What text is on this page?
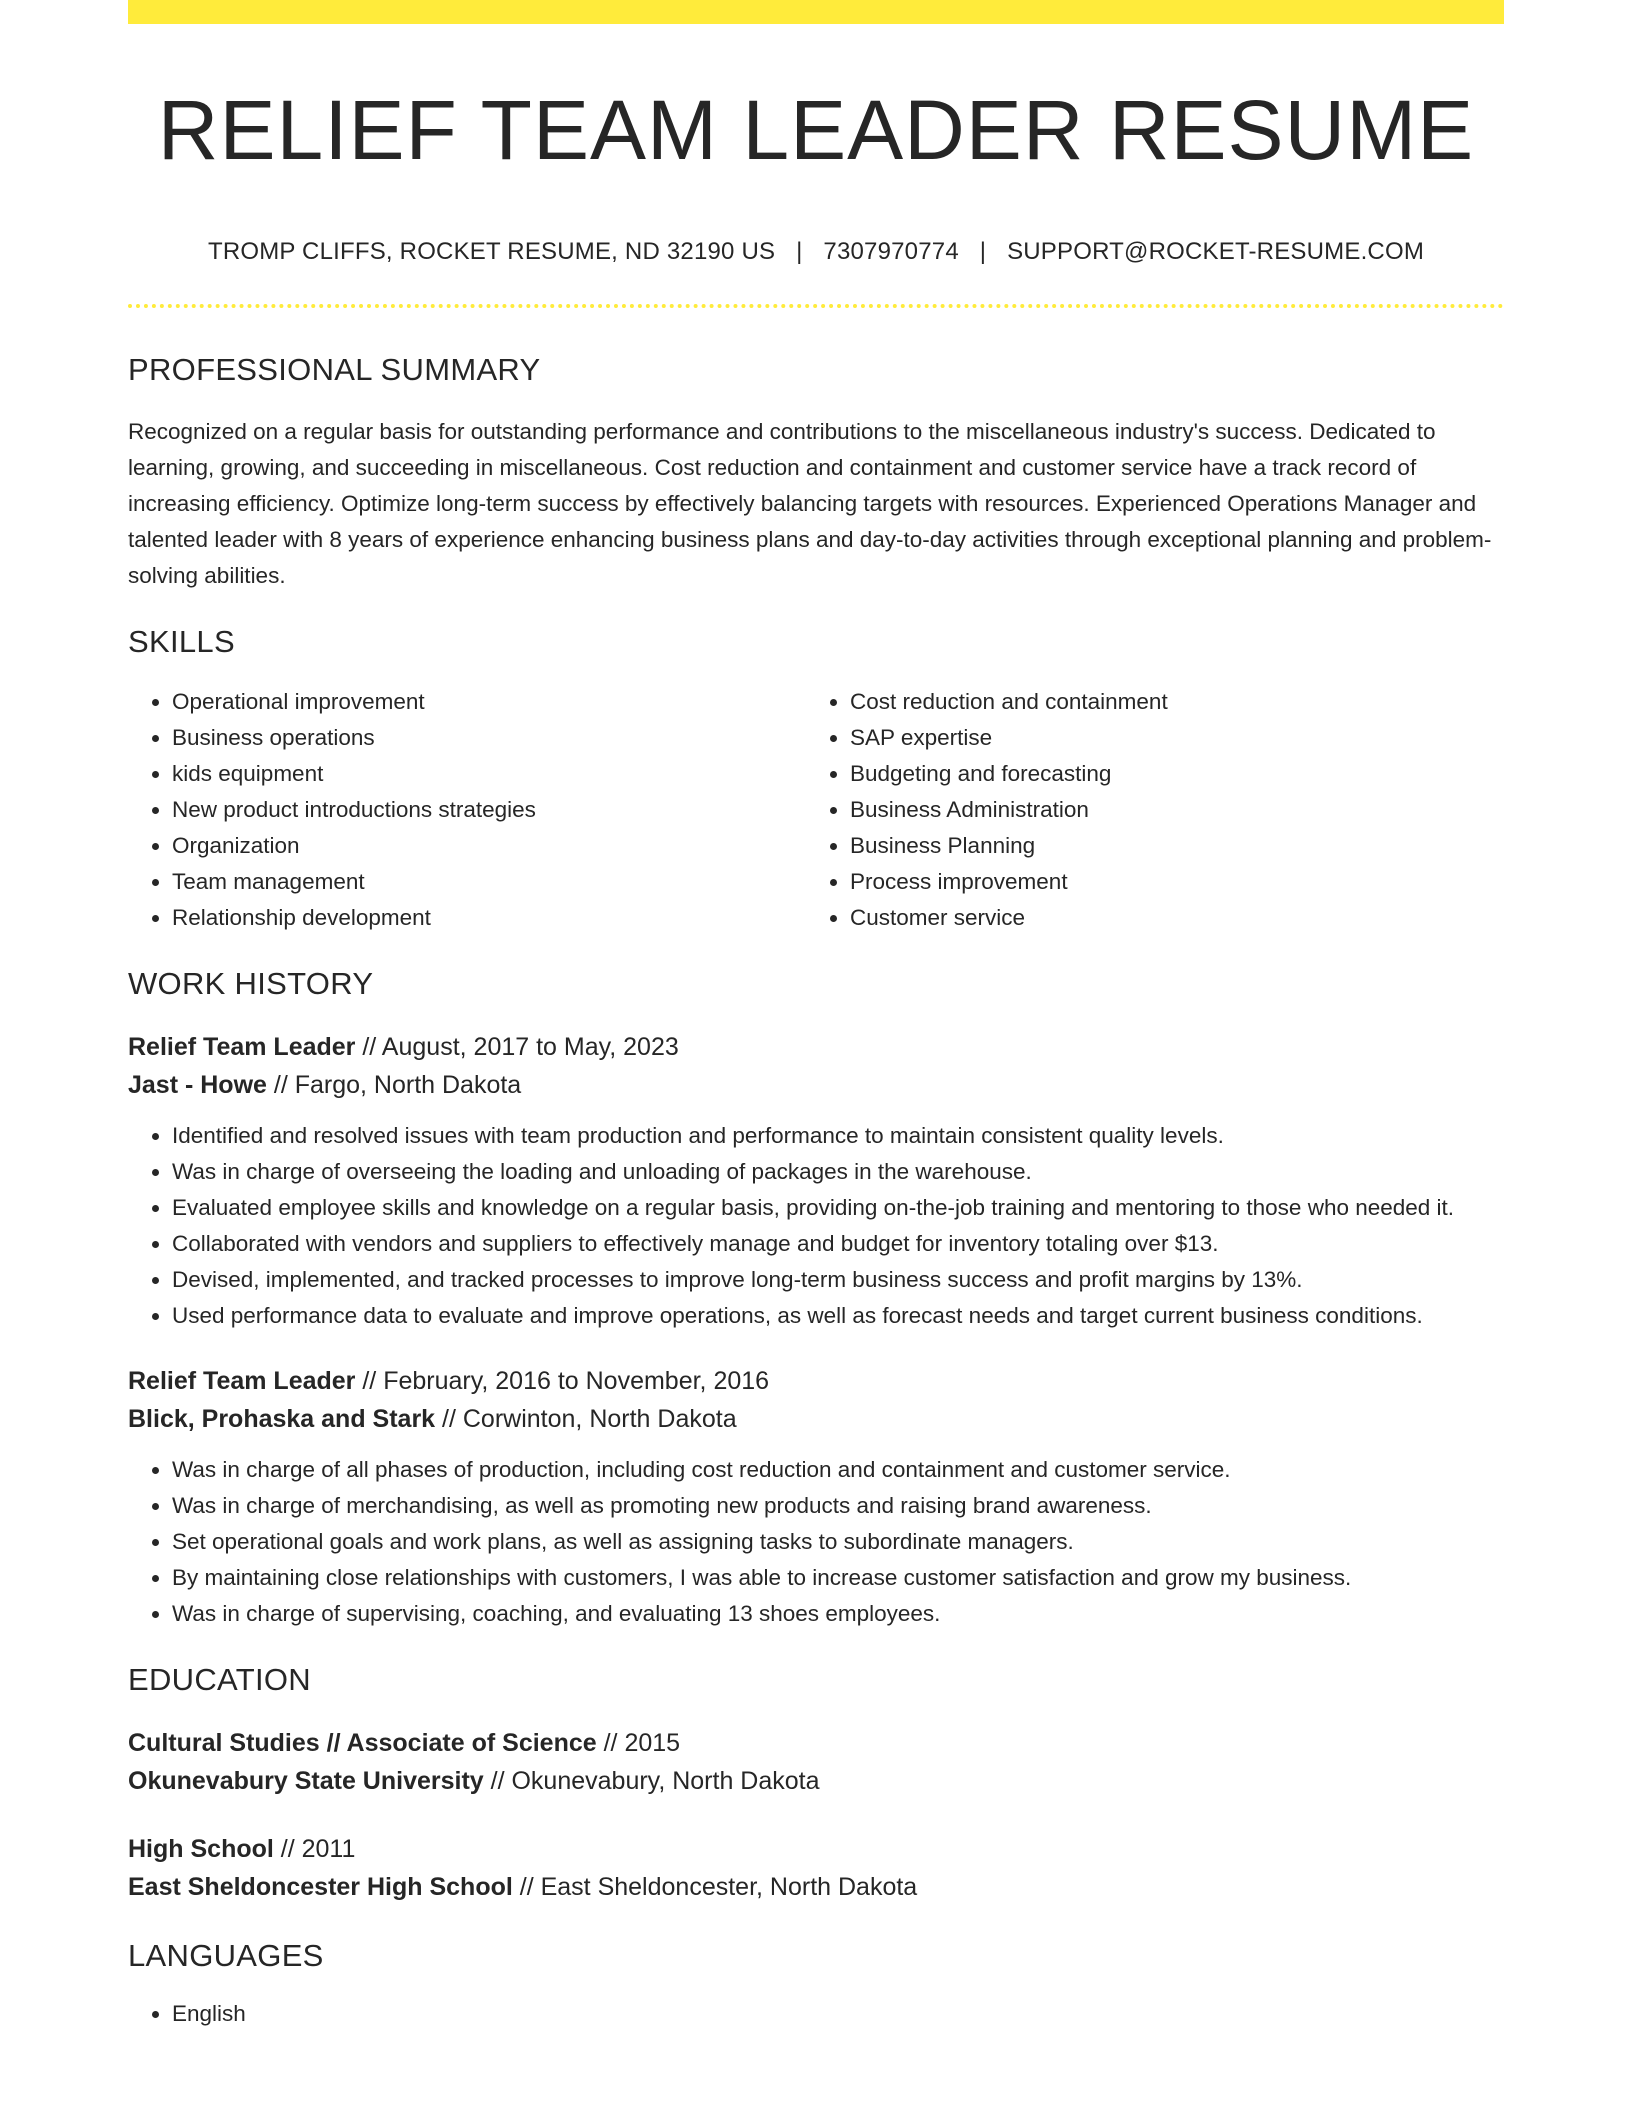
RELIEF TEAM LEADER RESUME
TROMP CLIFFS, ROCKET RESUME, ND 32190 US | 7307970774 | SUPPORT@ROCKET-RESUME.COM
PROFESSIONAL SUMMARY
Recognized on a regular basis for outstanding performance and contributions to the miscellaneous industry's success. Dedicated to learning, growing, and succeeding in miscellaneous. Cost reduction and containment and customer service have a track record of increasing efficiency. Optimize long-term success by effectively balancing targets with resources. Experienced Operations Manager and talented leader with 8 years of experience enhancing business plans and day-to-day activities through exceptional planning and problem-solving abilities.
SKILLS
• Operational improvement
• Business operations
• kids equipment
• New product introductions strategies
• Organization
• Team management
• Relationship development
• Cost reduction and containment
• SAP expertise
• Budgeting and forecasting
• Business Administration
• Business Planning
• Process improvement
• Customer service
WORK HISTORY
Relief Team Leader // August, 2017 to May, 2023
Jast - Howe // Fargo, North Dakota
• Identified and resolved issues with team production and performance to maintain consistent quality levels.
• Was in charge of overseeing the loading and unloading of packages in the warehouse.
• Evaluated employee skills and knowledge on a regular basis, providing on-the-job training and mentoring to those who needed it.
• Collaborated with vendors and suppliers to effectively manage and budget for inventory totaling over $13.
• Devised, implemented, and tracked processes to improve long-term business success and profit margins by 13%.
• Used performance data to evaluate and improve operations, as well as forecast needs and target current business conditions.
Relief Team Leader // February, 2016 to November, 2016
Blick, Prohaska and Stark // Corwinton, North Dakota
• Was in charge of all phases of production, including cost reduction and containment and customer service.
• Was in charge of merchandising, as well as promoting new products and raising brand awareness.
• Set operational goals and work plans, as well as assigning tasks to subordinate managers.
• By maintaining close relationships with customers, I was able to increase customer satisfaction and grow my business.
• Was in charge of supervising, coaching, and evaluating 13 shoes employees.
EDUCATION
Cultural Studies // Associate of Science // 2015
Okunevabury State University // Okunevabury, North Dakota
High School // 2011
East Sheldoncester High School // East Sheldoncester, North Dakota
LANGUAGES
• English
